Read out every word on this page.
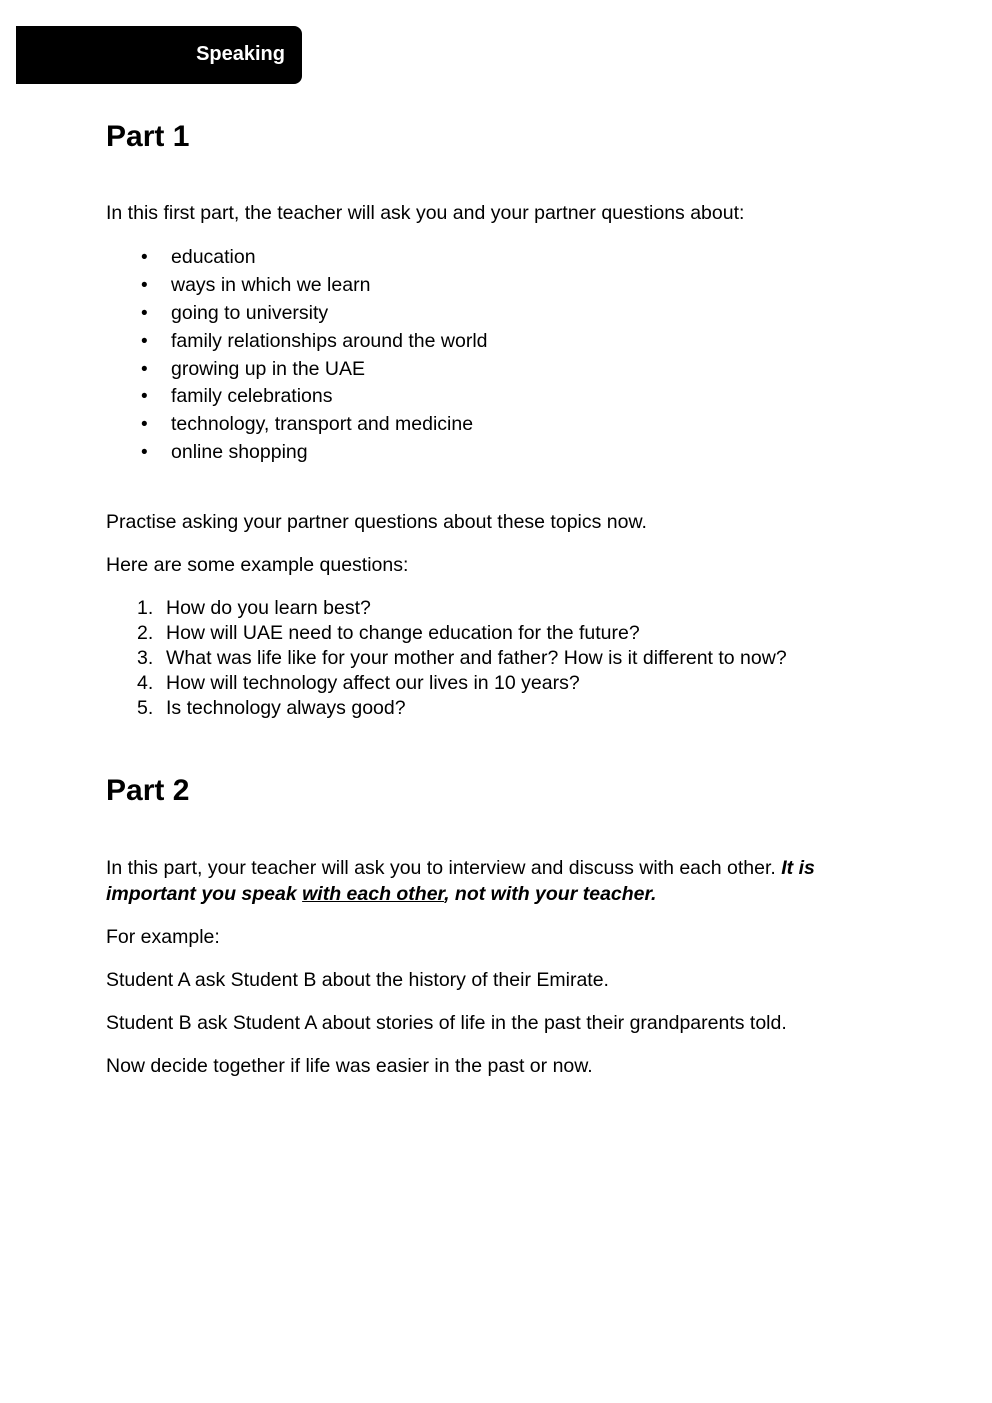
Speaking
Part 1

In this first part, the teacher will ask you and your partner questions about:

• education
• ways in which we learn
• going to university
• family relationships around the world
• growing up in the UAE
• family celebrations
• technology, transport and medicine
• online shopping

Practise asking your partner questions about these topics now.

Here are some example questions:

1. How do you learn best?
2. How will UAE need to change education for the future?
3. What was life like for your mother and father? How is it different to now?
4. How will technology affect our lives in 10 years?
5. Is technology always good?
Part 2

In this part, your teacher will ask you to interview and discuss with each other. It is important you speak with each other, not with your teacher.

For example:

Student A ask Student B about the history of their Emirate.

Student B ask Student A about stories of life in the past their grandparents told.

Now decide together if life was easier in the past or now.
